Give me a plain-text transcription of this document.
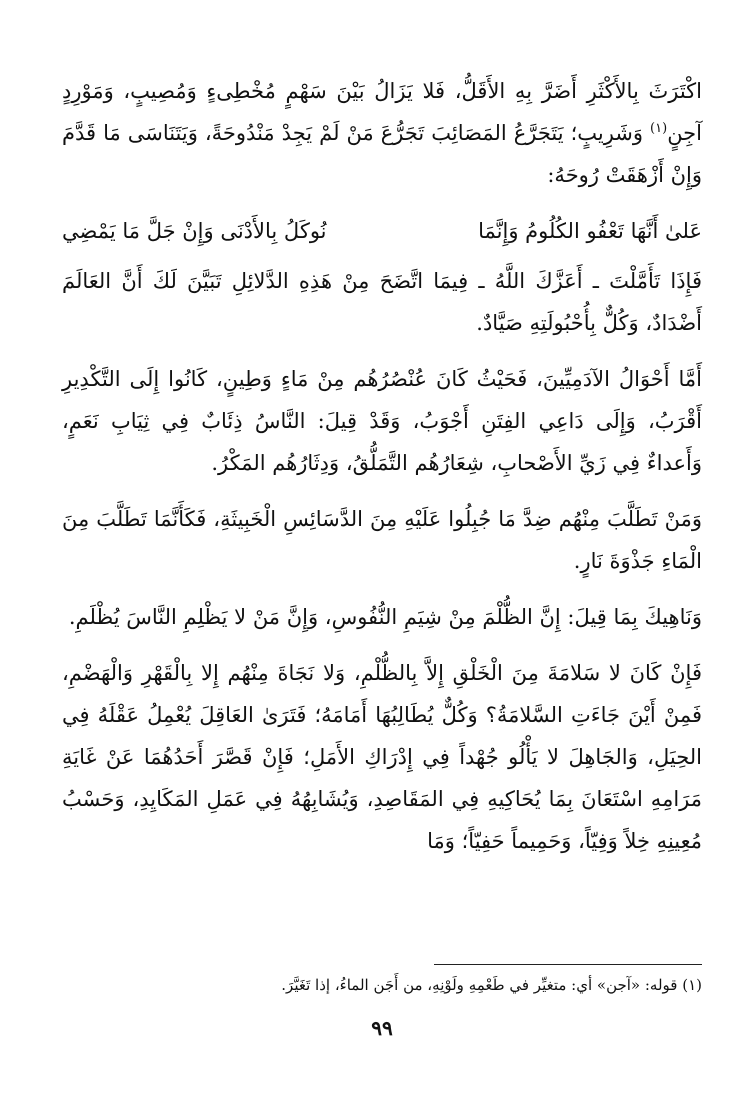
اكْتَرَثَ بِالأَكْثَرِ أَضَرَّ بِهِ الأَقَلُّ، فَلا يَزَالُ بَيْنَ سَهْمٍ مُخْطِىءٍ وَمُصِيبٍ، وَمَوْرِدٍ آجِنٍ$^{(١)}$ وَشَرِيبٍ؛ يَتَجَرَّعُ المَصَائِبَ تَجَرُّعَ مَنْ لَمْ يَجِدْ مَنْدُوحَةً، وَيَتَنَاسَى مَا قَدَّمَ وَإِنْ أَزْهَقَتْ رُوحَهُ:

عَلىٰ أَنَّهَا تَعْفُو الكُلُومُ وَإِنَّمَا
نُوكَلُ بِالأَدْنَى وَإِنْ جَلَّ مَا يَمْضِي

فَإِذَا تَأَمَّلْتَ ـ أَعَزَّكَ اللَّهُ ـ فِيمَا اتَّضَحَ مِنْ هَذِهِ الدَّلائِلِ تَبَيَّنَ لَكَ أَنَّ العَالَمَ أَضْدَادٌ، وَكُلٌّ بِأُحْبُولَتِهِ صَيَّادٌ.

أَمَّا أَحْوَالُ الآدَمِيِّينَ، فَحَيْثُ كَانَ عُنْصُرُهُم مِنْ مَاءٍ وَطِينٍ، كَانُوا إِلَى التَّكْدِيرِ أَقْرَبُ، وَإِلَى دَاعِي الفِتَنِ أَجْوَبُ، وَقَدْ قِيلَ: النَّاسُ ذِئَابٌ فِي ثِيَابِ نَعَمٍ، وَأَعداءٌ فِي زَيِّ الأَصْحابِ، شِعَارُهُم التَّمَلُّقُ، وَدِثَارُهُم المَكْرُ.

وَمَنْ تَطَلَّبَ مِنْهُم ضِدَّ مَا جُبِلُوا عَلَيْهِ مِنَ الدَّسَائِسِ الْخَبِيثَةِ، فَكَأَنَّمَا تَطَلَّبَ مِنَ الْمَاءِ جَذْوَةَ نَارٍ.

وَنَاهِيكَ بِمَا قِيلَ: إِنَّ الظُّلْمَ مِنْ شِيَمِ النُّفُوسِ، وَإِنَّ مَنْ لا يَظْلِمِ النَّاسَ يُظْلَمِ.

فَإِنْ كَانَ لا سَلامَةَ مِنَ الْخَلْقِ إِلاَّ بِالظُّلْمِ، وَلا نَجَاةَ مِنْهُم إِلا بِالْقَهْرِ وَالْهَضْمِ، فَمِنْ أَيْنَ جَاءَتِ السَّلامَةُ؟ وَكُلٌّ يُطَالِبُهَا أَمَامَهُ؛ فَتَرَىٰ العَاقِلَ يُعْمِلُ عَقْلَهُ فِي الحِيَلِ، وَالجَاهِلَ لا يَأْلُو جُهْداً فِي إِدْرَاكِ الأَمَلِ؛ فَإِنْ قَصَّرَ أَحَدُهُمَا عَنْ غَايَةِ مَرَامِهِ اسْتَعَانَ بِمَا يُحَاكِيهِ فِي المَقَاصِدِ، وَيُشَابِهُهُ فِي عَمَلِ المَكَايِدِ، وَحَسْبُ مُعِينِهِ خِلاً وَفِيّاً، وَحَمِيماً حَفِيّاً؛ وَمَا

(١) قوله: «آجن» أي: متغيِّر في طَعْمِهِ ولَوْنِهِ، من أَجَن الماءُ، إذا تَغَيَّرَ.
٩٩
